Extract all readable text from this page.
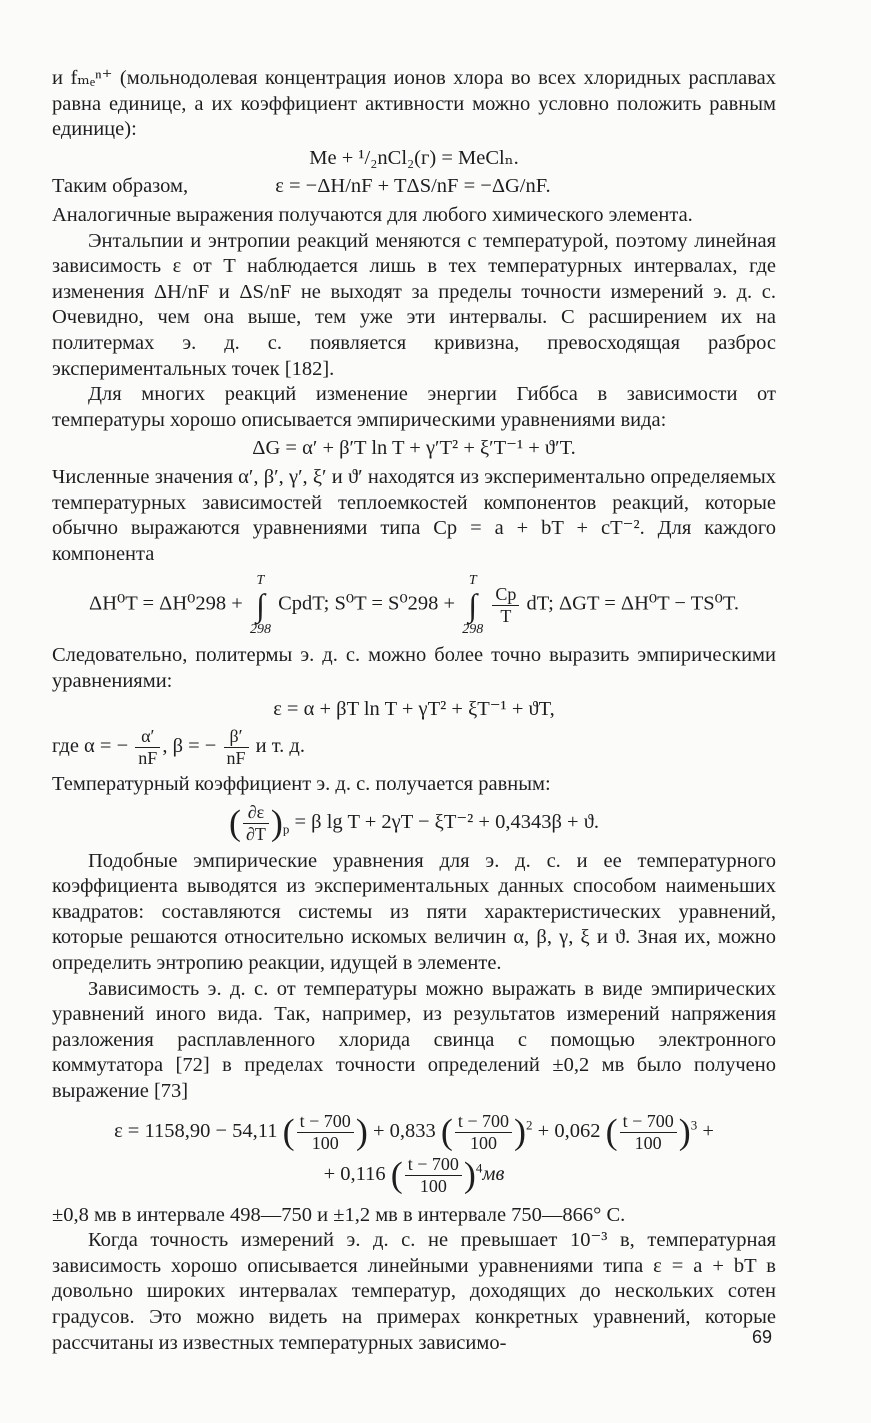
и fₘₑⁿ⁺ (мольнодолевая концентрация ионов хлора во всех хлоридных расплавах равна единице, а их коэффициент активности можно условно положить равным единице):

Me + ¹/₂nCl₂(г) = MeClₙ.

Таким образом,	ε = −ΔH/nF + TΔS/nF = −ΔG/nF.

Аналогичные выражения получаются для любого химического элемента.

Энтальпии и энтропии реакций меняются с температурой, поэтому линейная зависимость ε от T наблюдается лишь в тех температурных интервалах, где изменения ΔH/nF и ΔS/nF не выходят за пределы точности измерений э. д. с. Очевидно, чем она выше, тем уже эти интервалы. С расширением их на политермах э. д. с. появляется кривизна, превосходящая разброс экспериментальных точек [182].

Для многих реакций изменение энергии Гиббса в зависимости от температуры хорошо описывается эмпирическими уравнениями вида:

ΔG = α′ + β′T ln T + γ′T² + ξ′T⁻¹ + ϑ′T.

Численные значения α′, β′, γ′, ξ′ и ϑ′ находятся из экспериментально определяемых температурных зависимостей теплоемкостей компонентов реакций, которые обычно выражаются уравнениями типа Cp = a + bT + cT⁻². Для каждого компонента

ΔH⁰T = ΔH⁰298 +
T
∫
298
CpdT; S⁰T = S⁰298 +
T
∫
298

$\frac{Cp}{T}$ dT; ΔGT = ΔH⁰T − TS⁰T.

Следовательно, политермы э. д. с. можно более точно выразить эмпирическими уравнениями:

ε = α + βT ln T + γT² + ξT⁻¹ + ϑT,

где α = − $\frac{\alpha'}{nF}$ , β = − $\frac{\beta'}{nF}$ и т. д.

Температурный коэффициент э. д. с. получается равным:

( $\frac{\partial\varepsilon}{\partial T} )_p = \beta$ lg T + 2γT − ξT⁻² + 0,4343β + ϑ.

Подобные эмпирические уравнения для э. д. с. и ее температурного коэффициента выводятся из экспериментальных данных способом наименьших квадратов: составляются системы из пяти характеристических уравнений, которые решаются относительно искомых величин α, β, γ, ξ и ϑ. Зная их, можно определить энтропию реакции, идущей в элементе.

Зависимость э. д. с. от температуры можно выражать в виде эмпирических уравнений иного вида. Так, например, из результатов измерений напряжения разложения расплавленного хлорида свинца с помощью электронного коммутатора [72] в пределах точности определений ±0,2 мв было получено выражение [73]

ε = 1158,90 − 54,11 ( $\frac{t - 700}{100}$ ) + 0,833 ( $\frac{t - 700}{100} )^2 + 0,062$ ( $\frac{t - 700}{100} )^3$ +
+ 0,116 ( $\frac{t - 700}{100} )^4мв$

±0,8 мв в интервале 498—750 и ±1,2 мв в интервале 750—866° C.

Когда точность измерений э. д. с. не превышает 10⁻³ в, температурная зависимость хорошо описывается линейными уравнениями типа ε = a + bT в довольно широких интервалах температур, доходящих до нескольких сотен градусов. Это можно видеть на примерах конкретных уравнений, которые рассчитаны из известных температурных зависимо-	69
